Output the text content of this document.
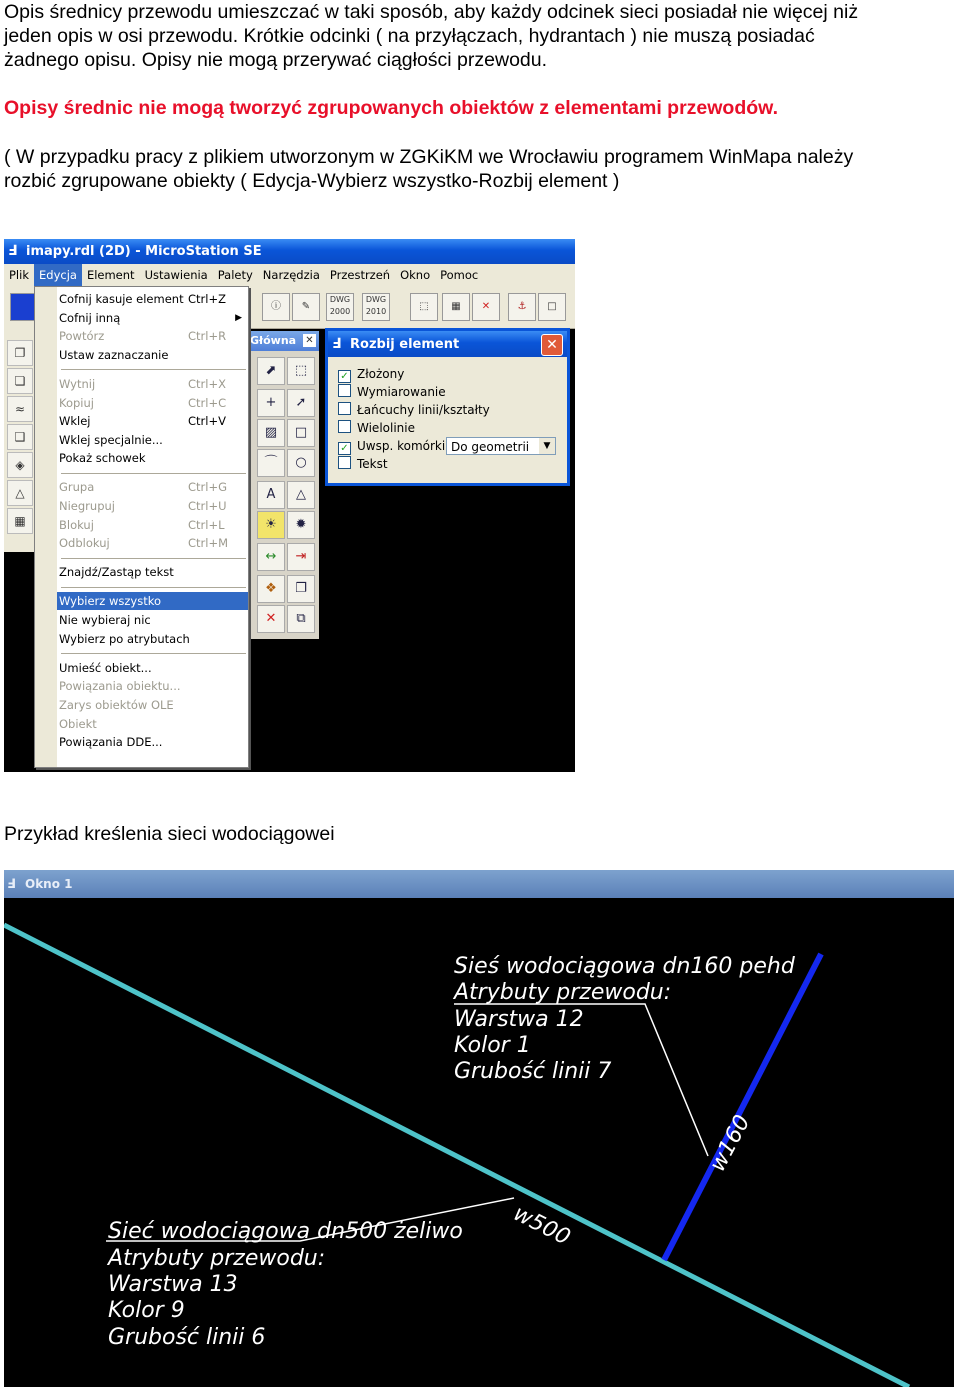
Opis średnicy przewodu umieszczać w taki sposób, aby każdy odcinek sieci posiadał nie więcej niż
jeden opis w osi przewodu. Krótkie odcinki ( na przyłączach, hydrantach ) nie muszą posiadać
żadnego opisu. Opisy nie mogą przerywać ciągłości przewodu.
Opisy średnic nie mogą tworzyć zgrupowanych obiektów z elementami przewodów.
( W przypadku pracy z plikiem utworzonym w ZGKiKM we Wrocławiu programem WinMapa należy
rozbić zgrupowane obiekty ( Edycja-Wybierz wszystko-Rozbij element )
Ⅎ imapy.rdl (2D) - MicroStation SE
Plik Edycja Element Ustawienia Palety Narzędzia Przestrzeń Okno Pomoc
ⓘ	✎
DWG 2000
DWG 2010	⬚	▦	✕	⚓	□
❐
❏
≈
❑
◈
△
▦
Główna ✕
⬈	⬚
+	➚
▨	□
⌒	○
A	△
☀	✹
↔	⇥
❖	❐
✕	⧉
Ⅎ Rozbij element	✕
✓ Złożony
Wymiarowanie
Łańcuchy linii/kształty
Wielolinie
✓ Uwsp. komórki
Tekst
Do geometrii	▼
Cofnij kasuje element Ctrl+Z
Cofnij inną	▶
Powtórz	Ctrl+R
Ustaw zaznaczanie
Wytnij	Ctrl+X
Kopiuj	Ctrl+C
Wklej	Ctrl+V
Wklej specjalnie...
Pokaż schowek
Grupa	Ctrl+G
Niegrupuj	Ctrl+U
Blokuj	Ctrl+L
Odblokuj	Ctrl+M
Znajdź/Zastąp tekst
Wybierz wszystko
Nie wybieraj nic
Wybierz po atrybutach
Umieść obiekt...
Powiązania obiektu...
Zarys obiektów OLE
Obiekt
Powiązania DDE...
Przykład kreślenia sieci wodociągowei
Ⅎ Okno 1
Sieś wodociągowa dn160 pehd
Atrybuty przewodu:
Warstwa 12
Kolor 1
Grubość linii 7
Sieć wodociągowa dn500 żeliwo
Atrybuty przewodu:
Warstwa 13
Kolor 9
Grubość linii 6
w500
w160
